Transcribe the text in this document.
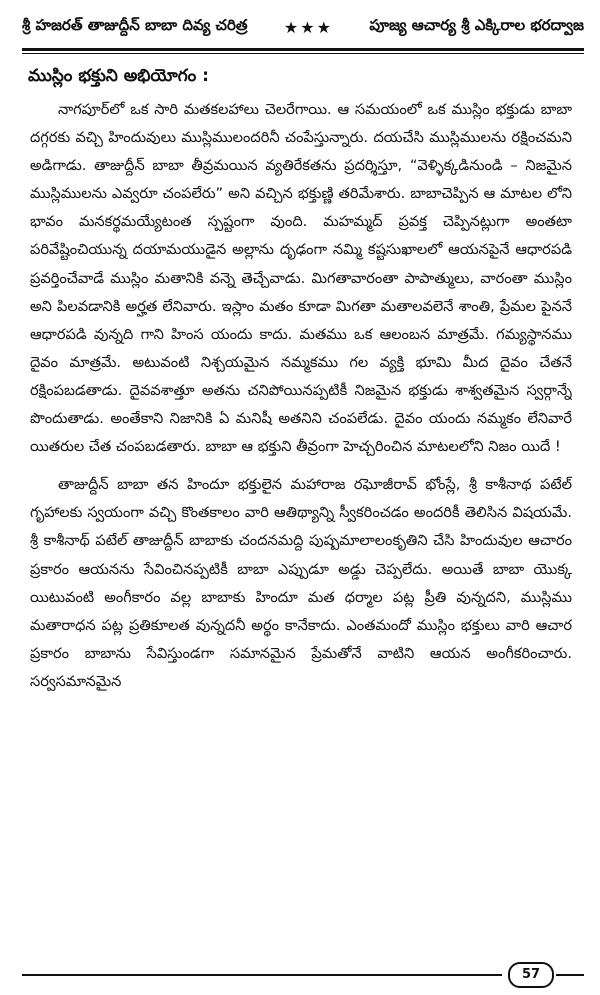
శ్రీ హజరత్ తాజుద్దీన్ బాబా దివ్య చరిత్ర	★★★	పూజ్య ఆచార్య శ్రీ ఎక్కిరాల భరద్వాజ
ముస్లిం భక్తుని అభియోగం :

నాగపూర్‌లో ఒక సారి మతకలహాలు చెలరేగాయి. ఆ సమయంలో ఒక ముస్లిం భక్తుడు బాబా దగ్గరకు వచ్చి హిందువులు ముస్లిములందరినీ చంపేస్తున్నారు. దయచేసి ముస్లిములను రక్షించమని అడిగాడు. తాజుద్దీన్ బాబా తీవ్రమయిన వ్యతిరేకతను ప్రదర్శిస్తూ, “వెళ్ళిక్కడినుండి – నిజమైన ముస్లిములను ఎవ్వరూ చంపలేరు” అని వచ్చిన భక్తుణ్ణి తరిమేశారు. బాబాచెప్పిన ఆ మాటల లోని భావం మనకర్థమయ్యేటంత స్పష్టంగా వుంది. మహమ్మద్ ప్రవక్త చెప్పినట్లుగా అంతటా పరివేష్టించియున్న దయామయుడైన అల్లాను దృఢంగా నమ్మి కష్టసుఖాలలో ఆయనపైనే ఆధారపడి ప్రవర్తించేవాడే ముస్లిం మతానికి వన్నె తెచ్చేవాడు. మిగతావారంతా పాపాత్ములు, వారంతా ముస్లిం అని పిలవడానికి అర్హత లేనివారు. ఇస్లాం మతం కూడా మిగతా మతాలవలెనే శాంతి, ప్రేమల పైననే ఆధారపడి వున్నది గాని హింస యందు కాదు. మతము ఒక ఆలంబన మాత్రమే. గమ్యస్థానము దైవం మాత్రమే. అటువంటి నిశ్చయమైన నమ్మకము గల వ్యక్తి భూమి మీద దైవం చేతనే రక్షింపబడతాడు. దైవవశాత్తూ అతను చనిపోయినప్పటికీ నిజమైన భక్తుడు శాశ్వతమైన స్వర్గాన్నే పొందుతాడు. అంతేకాని నిజానికి ఏ మనిషీ అతనిని చంపలేడు. దైవం యందు నమ్మకం లేనివారే యితరుల చేత చంపబడతారు. బాబా ఆ భక్తుని తీవ్రంగా హెచ్చరించిన మాటలలోని నిజం యిదే !

తాజుద్దీన్ బాబా తన హిందూ భక్తులైన మహారాజ రఘోజీరావ్ భోంస్లే, శ్రీ కాశీనాథ పటేల్ గృహాలకు స్వయంగా వచ్చి కొంతకాలం వారి ఆతిథ్యాన్ని స్వీకరించడం అందరికీ తెలిసిన విషయమే. శ్రీ కాశీనాథ్ పటేల్ తాజుద్దీన్ బాబాకు చందనమద్ది పుష్పమాలాలంకృతిని చేసి హిందువుల ఆచారం ప్రకారం ఆయనను సేవించినప్పటికీ బాబా ఎప్పుడూ అడ్డు చెప్పలేదు. అయితే బాబా యొక్క యిటువంటి అంగీకారం వల్ల బాబాకు హిందూ మత ధర్మాల పట్ల ప్రీతి వున్నదని, ముస్లిము మతారాధన పట్ల ప్రతికూలత వున్నదనీ అర్థం కానేకాదు. ఎంతమందో ముస్లిం భక్తులు వారి ఆచార ప్రకారం బాబాను సేవిస్తుండగా సమానమైన ప్రేమతోనే వాటిని ఆయన అంగీకరించారు. సర్వసమానమైన

57
